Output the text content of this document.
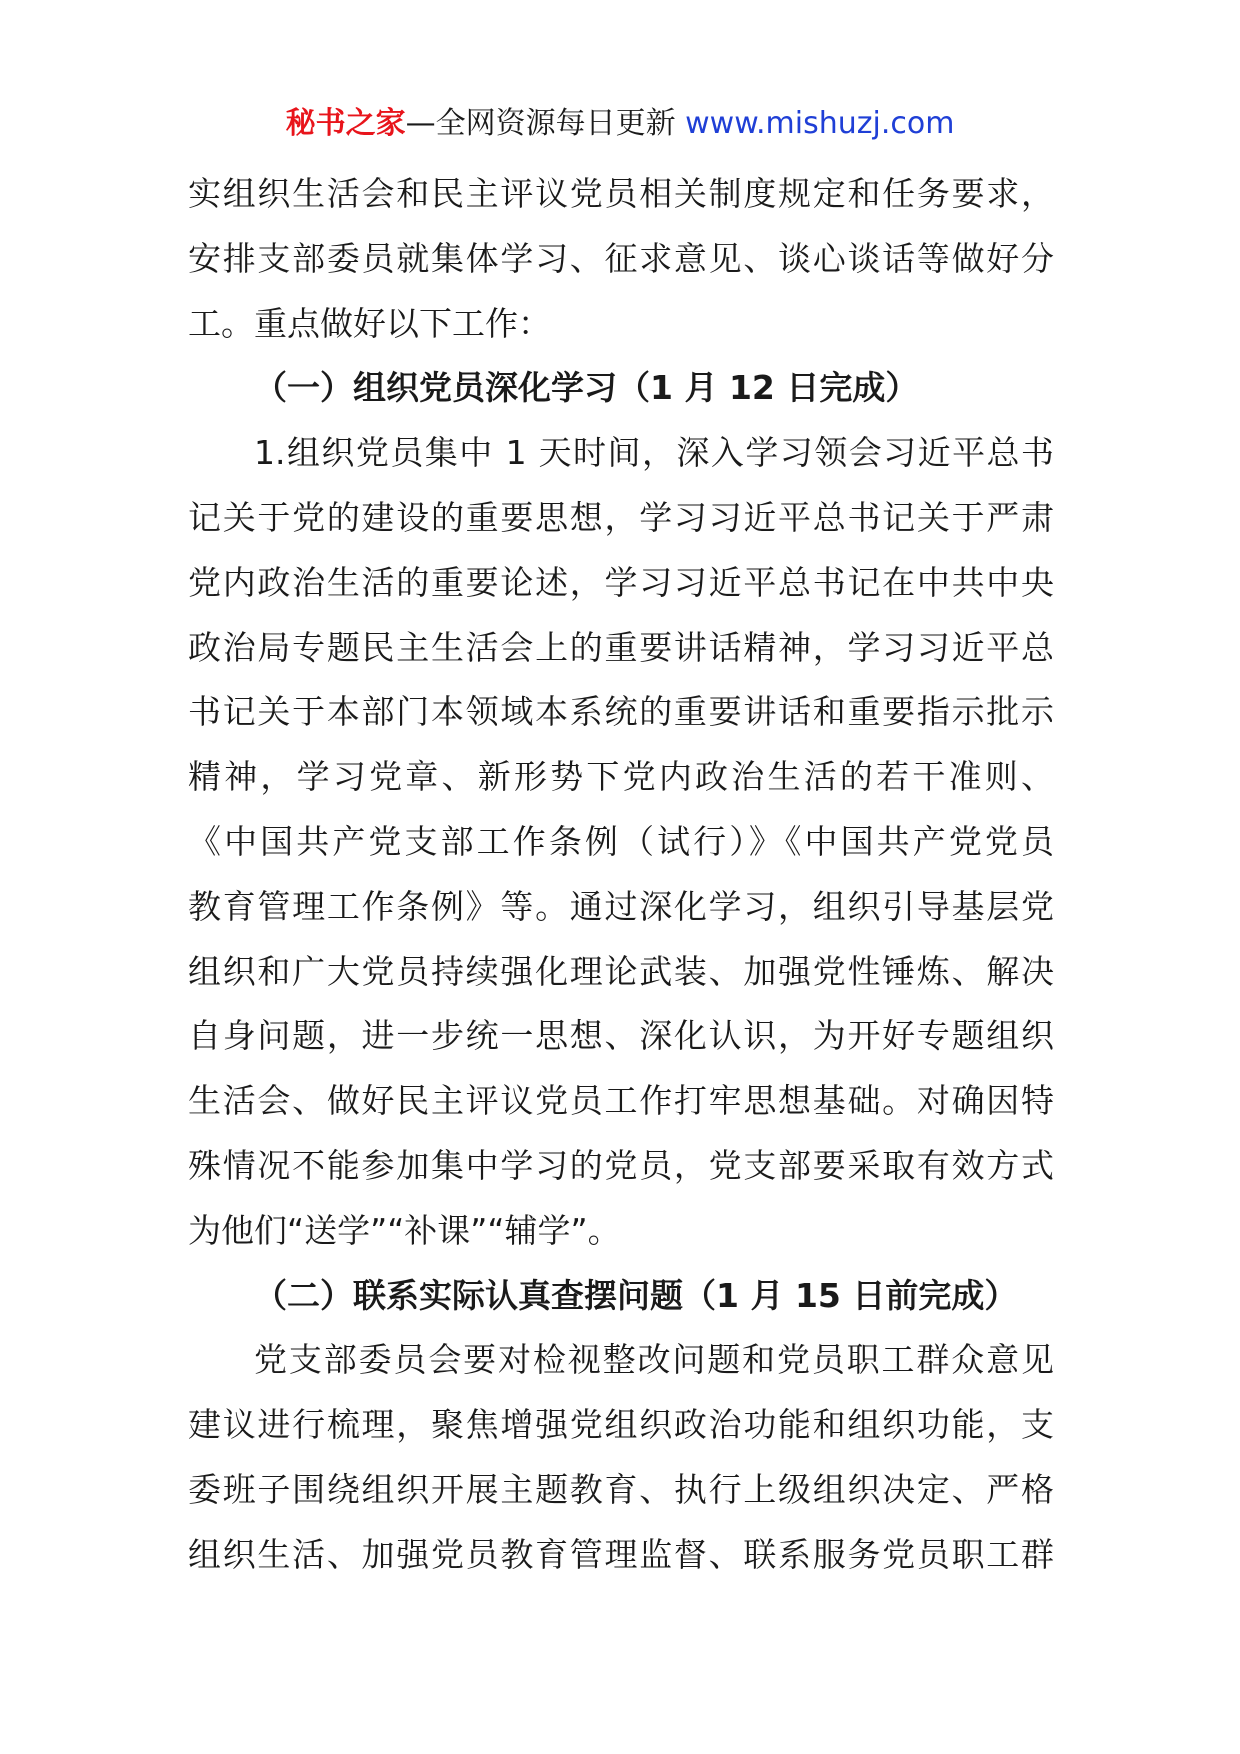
秘书之家—全网资源每日更新 www.mishuzj.com
实组织生活会和民主评议党员相关制度规定和任务要求，
安排支部委员就集体学习、征求意见、谈心谈话等做好分
工。重点做好以下工作：
（一）组织党员深化学习（1 月 12 日完成）
1.组织党员集中 1 天时间，深入学习领会习近平总书
记关于党的建设的重要思想，学习习近平总书记关于严肃
党内政治生活的重要论述，学习习近平总书记在中共中央
政治局专题民主生活会上的重要讲话精神，学习习近平总
书记关于本部门本领域本系统的重要讲话和重要指示批示
精神，学习党章、新形势下党内政治生活的若干准则、
《中国共产党支部工作条例（试行）》《中国共产党党员
教育管理工作条例》等。通过深化学习，组织引导基层党
组织和广大党员持续强化理论武装、加强党性锤炼、解决
自身问题，进一步统一思想、深化认识，为开好专题组织
生活会、做好民主评议党员工作打牢思想基础。对确因特
殊情况不能参加集中学习的党员，党支部要采取有效方式
为他们“送学”“补课”“辅学”。
（二）联系实际认真查摆问题（1 月 15 日前完成）
党支部委员会要对检视整改问题和党员职工群众意见
建议进行梳理，聚焦增强党组织政治功能和组织功能，支
委班子围绕组织开展主题教育、执行上级组织决定、严格
组织生活、加强党员教育管理监督、联系服务党员职工群
